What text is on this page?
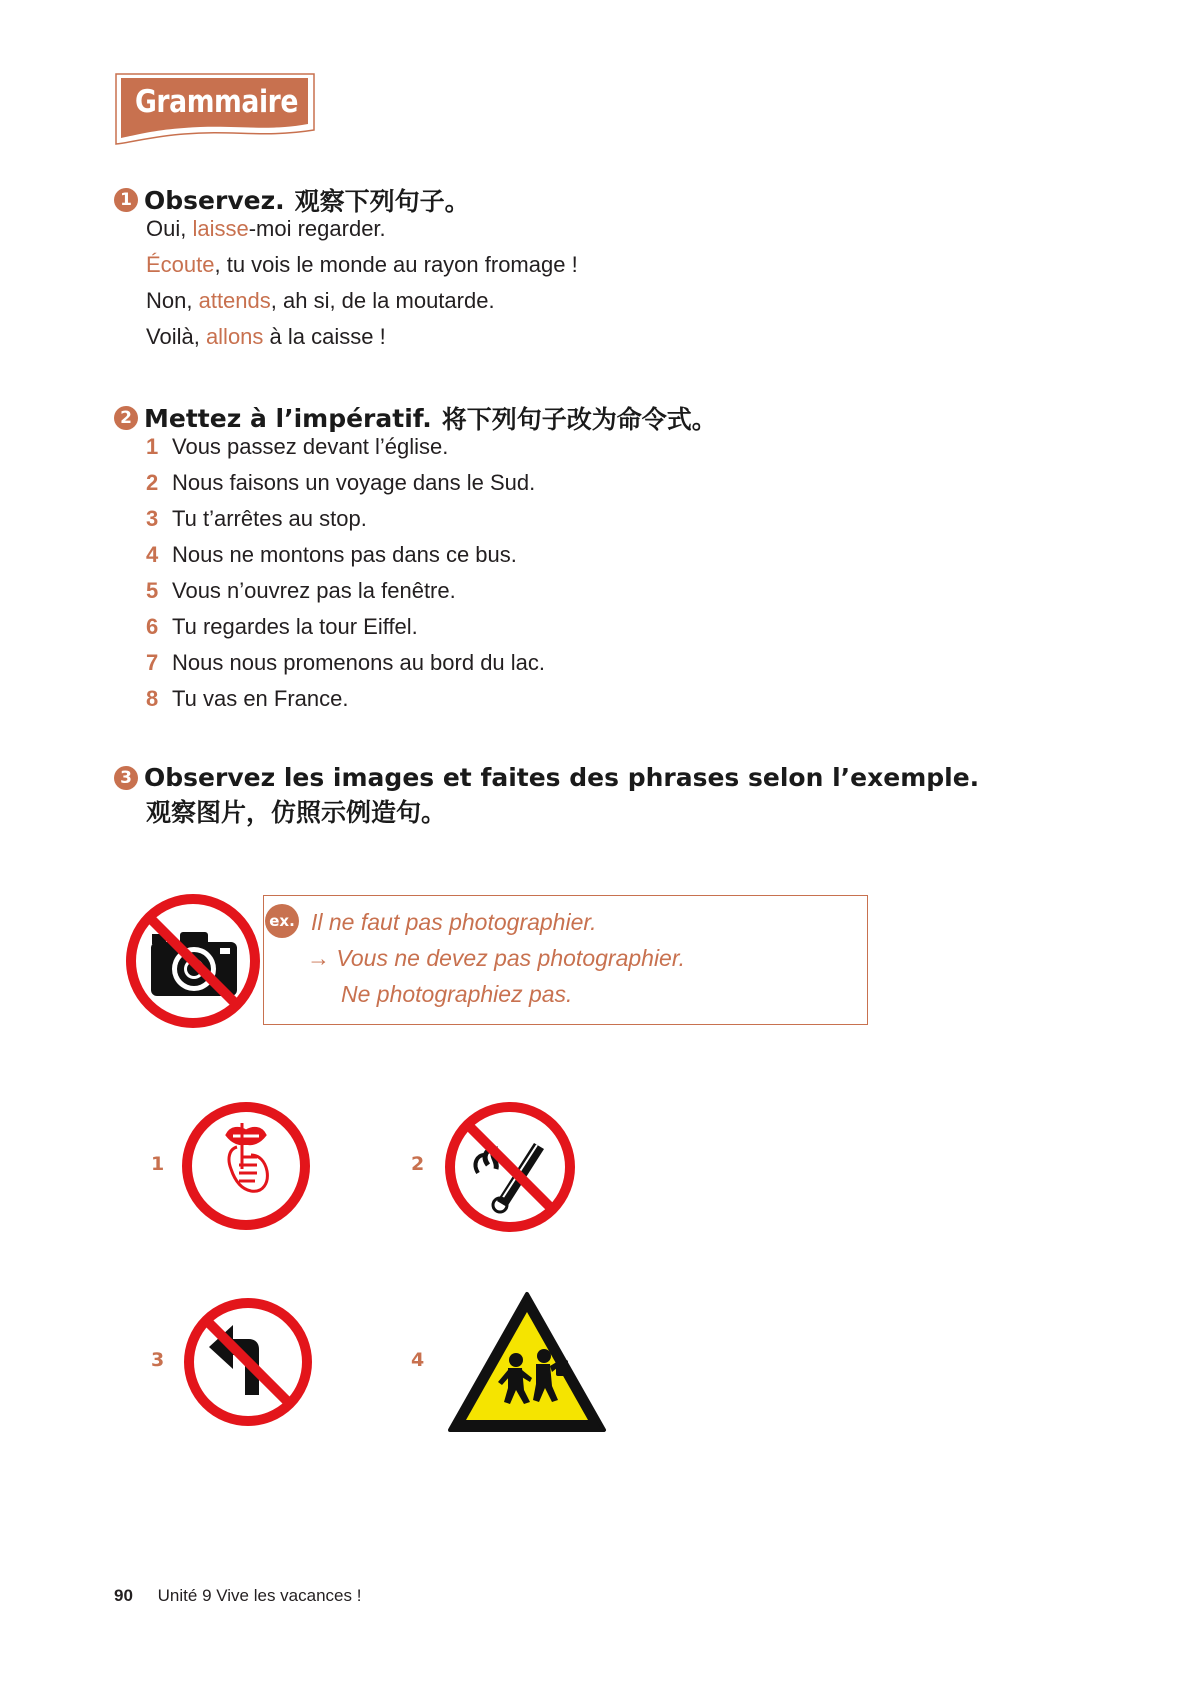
Grammaire
1 Observez. 观察下列句子。
Oui, laisse-moi regarder.
Écoute, tu vois le monde au rayon fromage !
Non, attends, ah si, de la moutarde.
Voilà, allons à la caisse !
2 Mettez à l’impératif. 将下列句子改为命令式。
1 Vous passez devant l’église.
2 Nous faisons un voyage dans le Sud.
3 Tu t’arrêtes au stop.
4 Nous ne montons pas dans ce bus.
5 Vous n’ouvrez pas la fenêtre.
6 Tu regardes la tour Eiffel.
7 Nous nous promenons au bord du lac.
8 Tu vas en France.
3 Observez les images et faites des phrases selon l’exemple.
观察图片，仿照示例造句。
ex. Il ne faut pas photographier.
→ Vous ne devez pas photographier.
Ne photographiez pas.
1	2
3	4
90 Unité 9 Vive les vacances !
